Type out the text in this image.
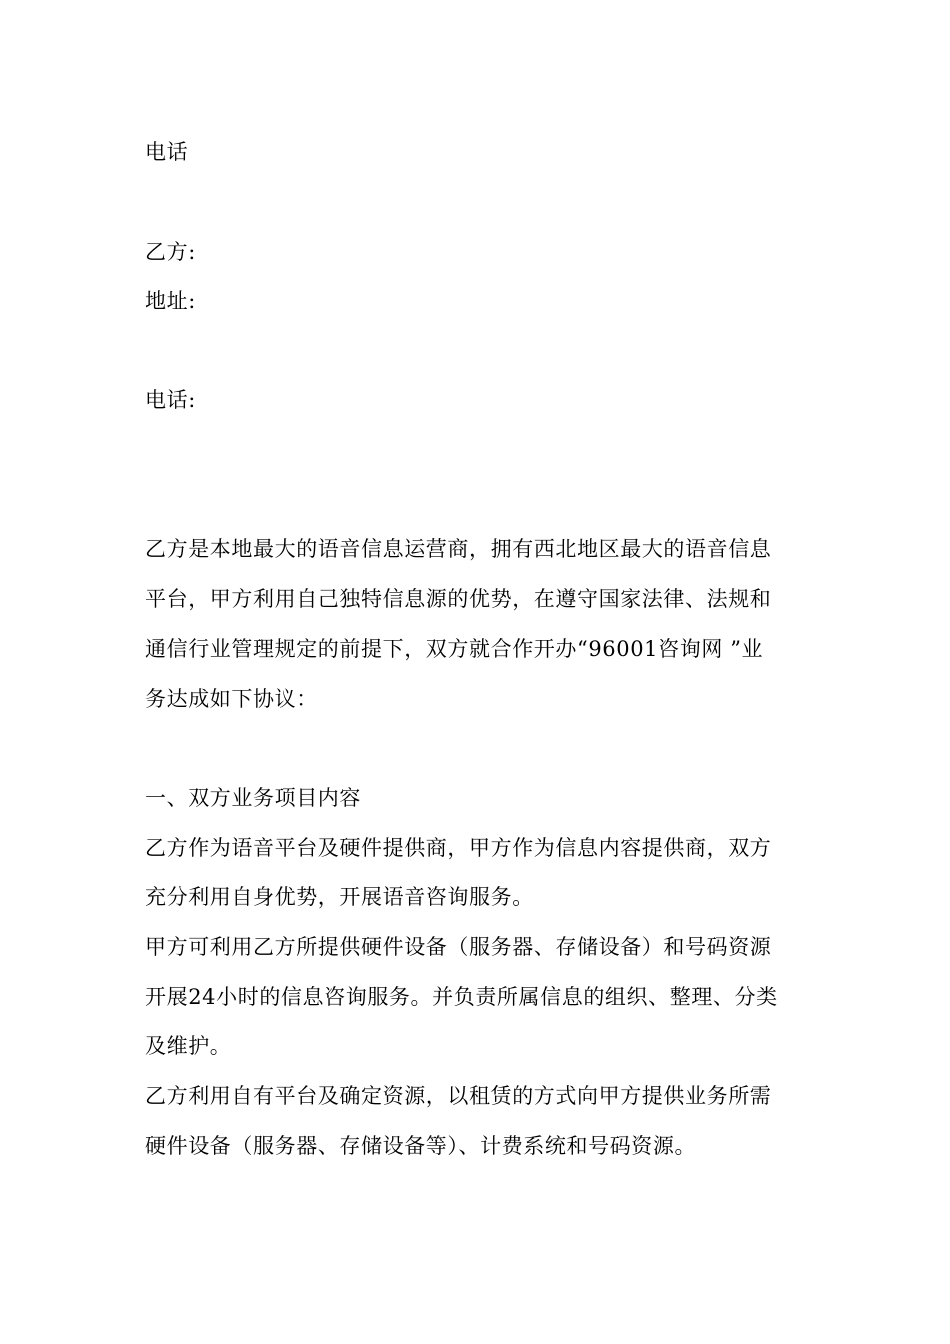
电话
乙方:
地址:
电话:
乙方是本地最大的语音信息运营商，拥有西北地区最大的语音信息
平台，甲方利用自己独特信息源的优势，在遵守国家法律、法规和
通信行业管理规定的前提下，双方就合作开办“96001咨询网 ”业
务达成如下协议：
一、双方业务项目内容
乙方作为语音平台及硬件提供商，甲方作为信息内容提供商，双方
充分利用自身优势，开展语音咨询服务。
甲方可利用乙方所提供硬件设备（服务器、存储设备）和号码资源
开展24小时的信息咨询服务。并负责所属信息的组织、整理、分类
及维护。
乙方利用自有平台及确定资源，以租赁的方式向甲方提供业务所需
硬件设备（服务器、存储设备等）、计费系统和号码资源。
